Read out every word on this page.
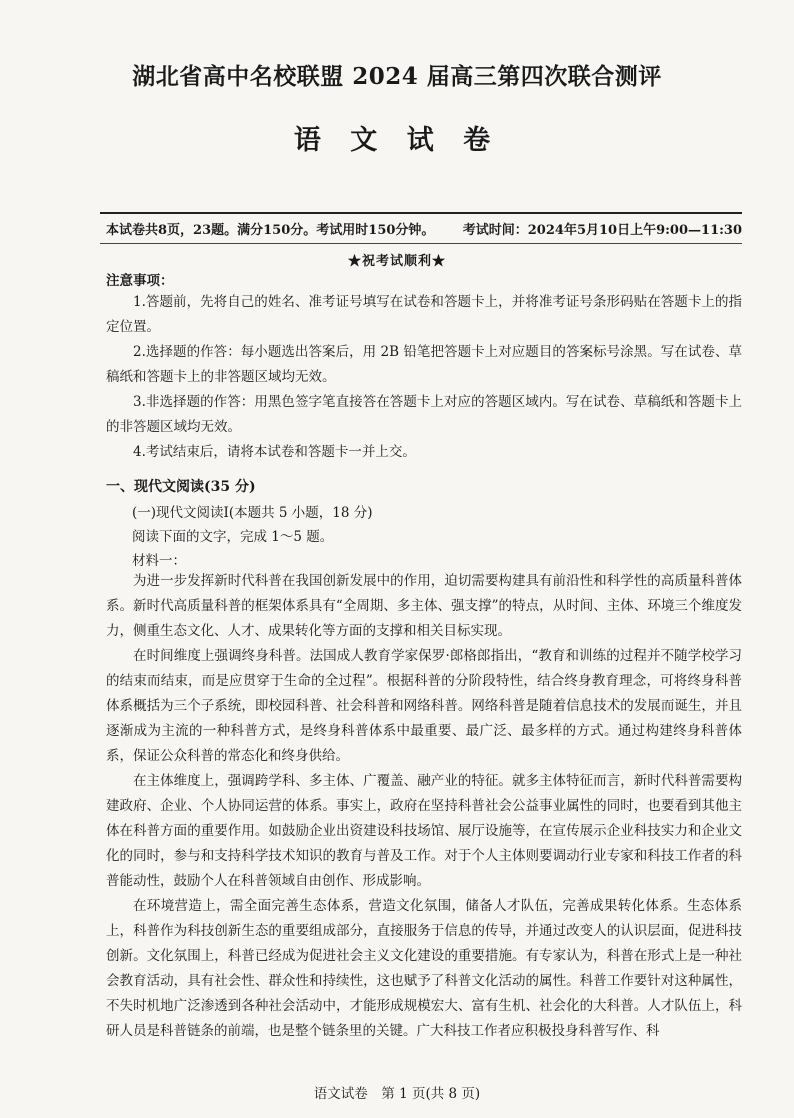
湖北省高中名校联盟 2024 届高三第四次联合测评
语 文 试 卷
本试卷共8页，23题。满分150分。考试用时150分钟。 考试时间：2024年5月10日上午9:00—11:30
★祝考试顺利★
注意事项：

1.答题前，先将自己的姓名、准考证号填写在试卷和答题卡上，并将准考证号条形码贴在答题卡上的指定位置。

2.选择题的作答：每小题选出答案后，用 2B 铅笔把答题卡上对应题目的答案标号涂黑。写在试卷、草稿纸和答题卡上的非答题区域均无效。

3.非选择题的作答：用黑色签字笔直接答在答题卡上对应的答题区域内。写在试卷、草稿纸和答题卡上的非答题区域均无效。

4.考试结束后，请将本试卷和答题卡一并上交。

一、现代文阅读(35 分)
(一)现代文阅读Ⅰ(本题共 5 小题，18 分)
阅读下面的文字，完成 1～5 题。
材料一：

为进一步发挥新时代科普在我国创新发展中的作用，迫切需要构建具有前沿性和科学性的高质量科普体系。新时代高质量科普的框架体系具有“全周期、多主体、强支撑”的特点，从时间、主体、环境三个维度发力，侧重生态文化、人才、成果转化等方面的支撑和相关目标实现。

在时间维度上强调终身科普。法国成人教育学家保罗·郎格郎指出，“教育和训练的过程并不随学校学习的结束而结束，而是应贯穿于生命的全过程”。根据科普的分阶段特性，结合终身教育理念，可将终身科普体系概括为三个子系统，即校园科普、社会科普和网络科普。网络科普是随着信息技术的发展而诞生，并且逐渐成为主流的一种科普方式，是终身科普体系中最重要、最广泛、最多样的方式。通过构建终身科普体系，保证公众科普的常态化和终身供给。

在主体维度上，强调跨学科、多主体、广覆盖、融产业的特征。就多主体特征而言，新时代科普需要构建政府、企业、个人协同运营的体系。事实上，政府在坚持科普社会公益事业属性的同时，也要看到其他主体在科普方面的重要作用。如鼓励企业出资建设科技场馆、展厅设施等，在宣传展示企业科技实力和企业文化的同时，参与和支持科学技术知识的教育与普及工作。对于个人主体则要调动行业专家和科技工作者的科普能动性，鼓励个人在科普领域自由创作、形成影响。

在环境营造上，需全面完善生态体系，营造文化氛围，储备人才队伍，完善成果转化体系。生态体系上，科普作为科技创新生态的重要组成部分，直接服务于信息的传导，并通过改变人的认识层面，促进科技创新。文化氛围上，科普已经成为促进社会主义文化建设的重要措施。有专家认为，科普在形式上是一种社会教育活动，具有社会性、群众性和持续性，这也赋予了科普文化活动的属性。科普工作要针对这种属性，不失时机地广泛渗透到各种社会活动中，才能形成规模宏大、富有生机、社会化的大科普。人才队伍上，科研人员是科普链条的前端，也是整个链条里的关键。广大科技工作者应积极投身科普写作、科

语文试卷　第 1 页(共 8 页)
